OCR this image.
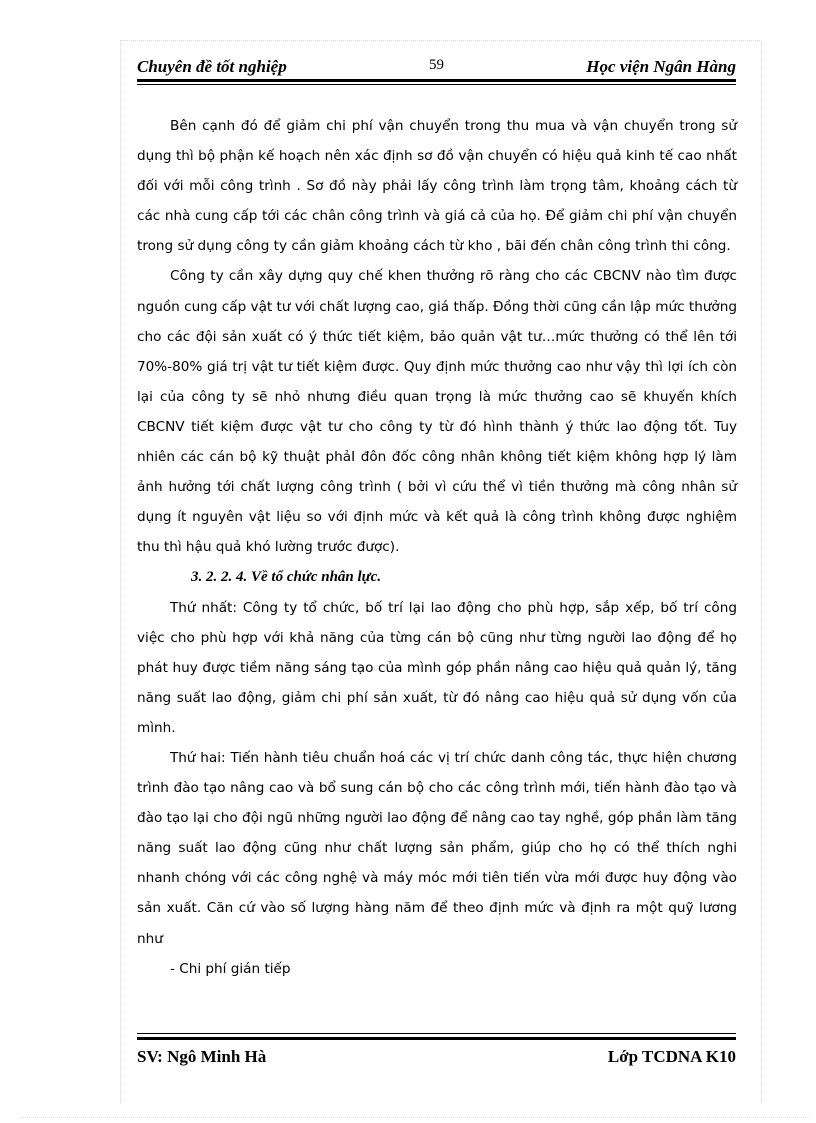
Chuyên đề tốt nghiệp	59	Học viện Ngân Hàng

Bên cạnh đó để giảm chi phí vận chuyển trong thu mua và vận chuyển trong sử dụng thì bộ phận kế hoạch nên xác định sơ đồ vận chuyển có hiệu quả kinh tế cao nhất đối với mỗi công trình . Sơ đồ này phải lấy công trình làm trọng tâm, khoảng cách từ các nhà cung cấp tới các chân công trình và giá cả của họ. Để giảm chi phí vận chuyển trong sử dụng công ty cần giảm khoảng cách từ kho , bãi đến chân công trình thi công.

Công ty cần xây dựng quy chế khen thưởng rõ ràng cho các CBCNV nào tìm được nguồn cung cấp vật tư với chất lượng cao, giá thấp. Đồng thời cũng cần lập mức thưởng cho các đội sản xuất có ý thức tiết kiệm, bảo quản vật tư…mức thưởng có thể lên tới 70%-80% giá trị vật tư tiết kiệm được. Quy định mức thưởng cao như vậy thì lợi ích còn lại của công ty sẽ nhỏ nhưng điều quan trọng là mức thưởng cao sẽ khuyến khích CBCNV tiết kiệm được vật tư cho công ty từ đó hình thành ý thức lao động tốt. Tuy nhiên các cán bộ kỹ thuật phảI đôn đốc công nhân không tiết kiệm không hợp lý làm ảnh hưởng tới chất lượng công trình ( bởi vì cứu thể vì tiền thưởng mà công nhân sử dụng ít nguyên vật liệu so với định mức và kết quả là công trình không được nghiệm thu thì hậu quả khó lường trước được).

3. 2. 2. 4. Về tổ chức nhân lực.

Thứ nhất: Công ty tổ chức, bố trí lại lao động cho phù hợp, sắp xếp, bố trí công việc cho phù hợp với khả năng của từng cán bộ cũng như từng người lao động để họ phát huy được tiềm năng sáng tạo của mình góp phần nâng cao hiệu quả quản lý, tăng năng suất lao động, giảm chi phí sản xuất, từ đó nâng cao hiệu quả sử dụng vốn của mình.

Thứ hai: Tiến hành tiêu chuẩn hoá các vị trí chức danh công tác, thực hiện chương trình đào tạo nâng cao và bổ sung cán bộ cho các công trình mới, tiến hành đào tạo và đào tạo lại cho đội ngũ những người lao động để nâng cao tay nghề, góp phần làm tăng năng suất lao động cũng như chất lượng sản phẩm, giúp cho họ có thể thích nghi nhanh chóng với các công nghệ và máy móc mới tiên tiến vừa mới được huy động vào sản xuất. Căn cứ vào số lượng hàng năm để theo định mức và định ra một quỹ lương như

- Chi phí gián tiếp

SV: Ngô Minh Hà	Lớp TCDNA K10
